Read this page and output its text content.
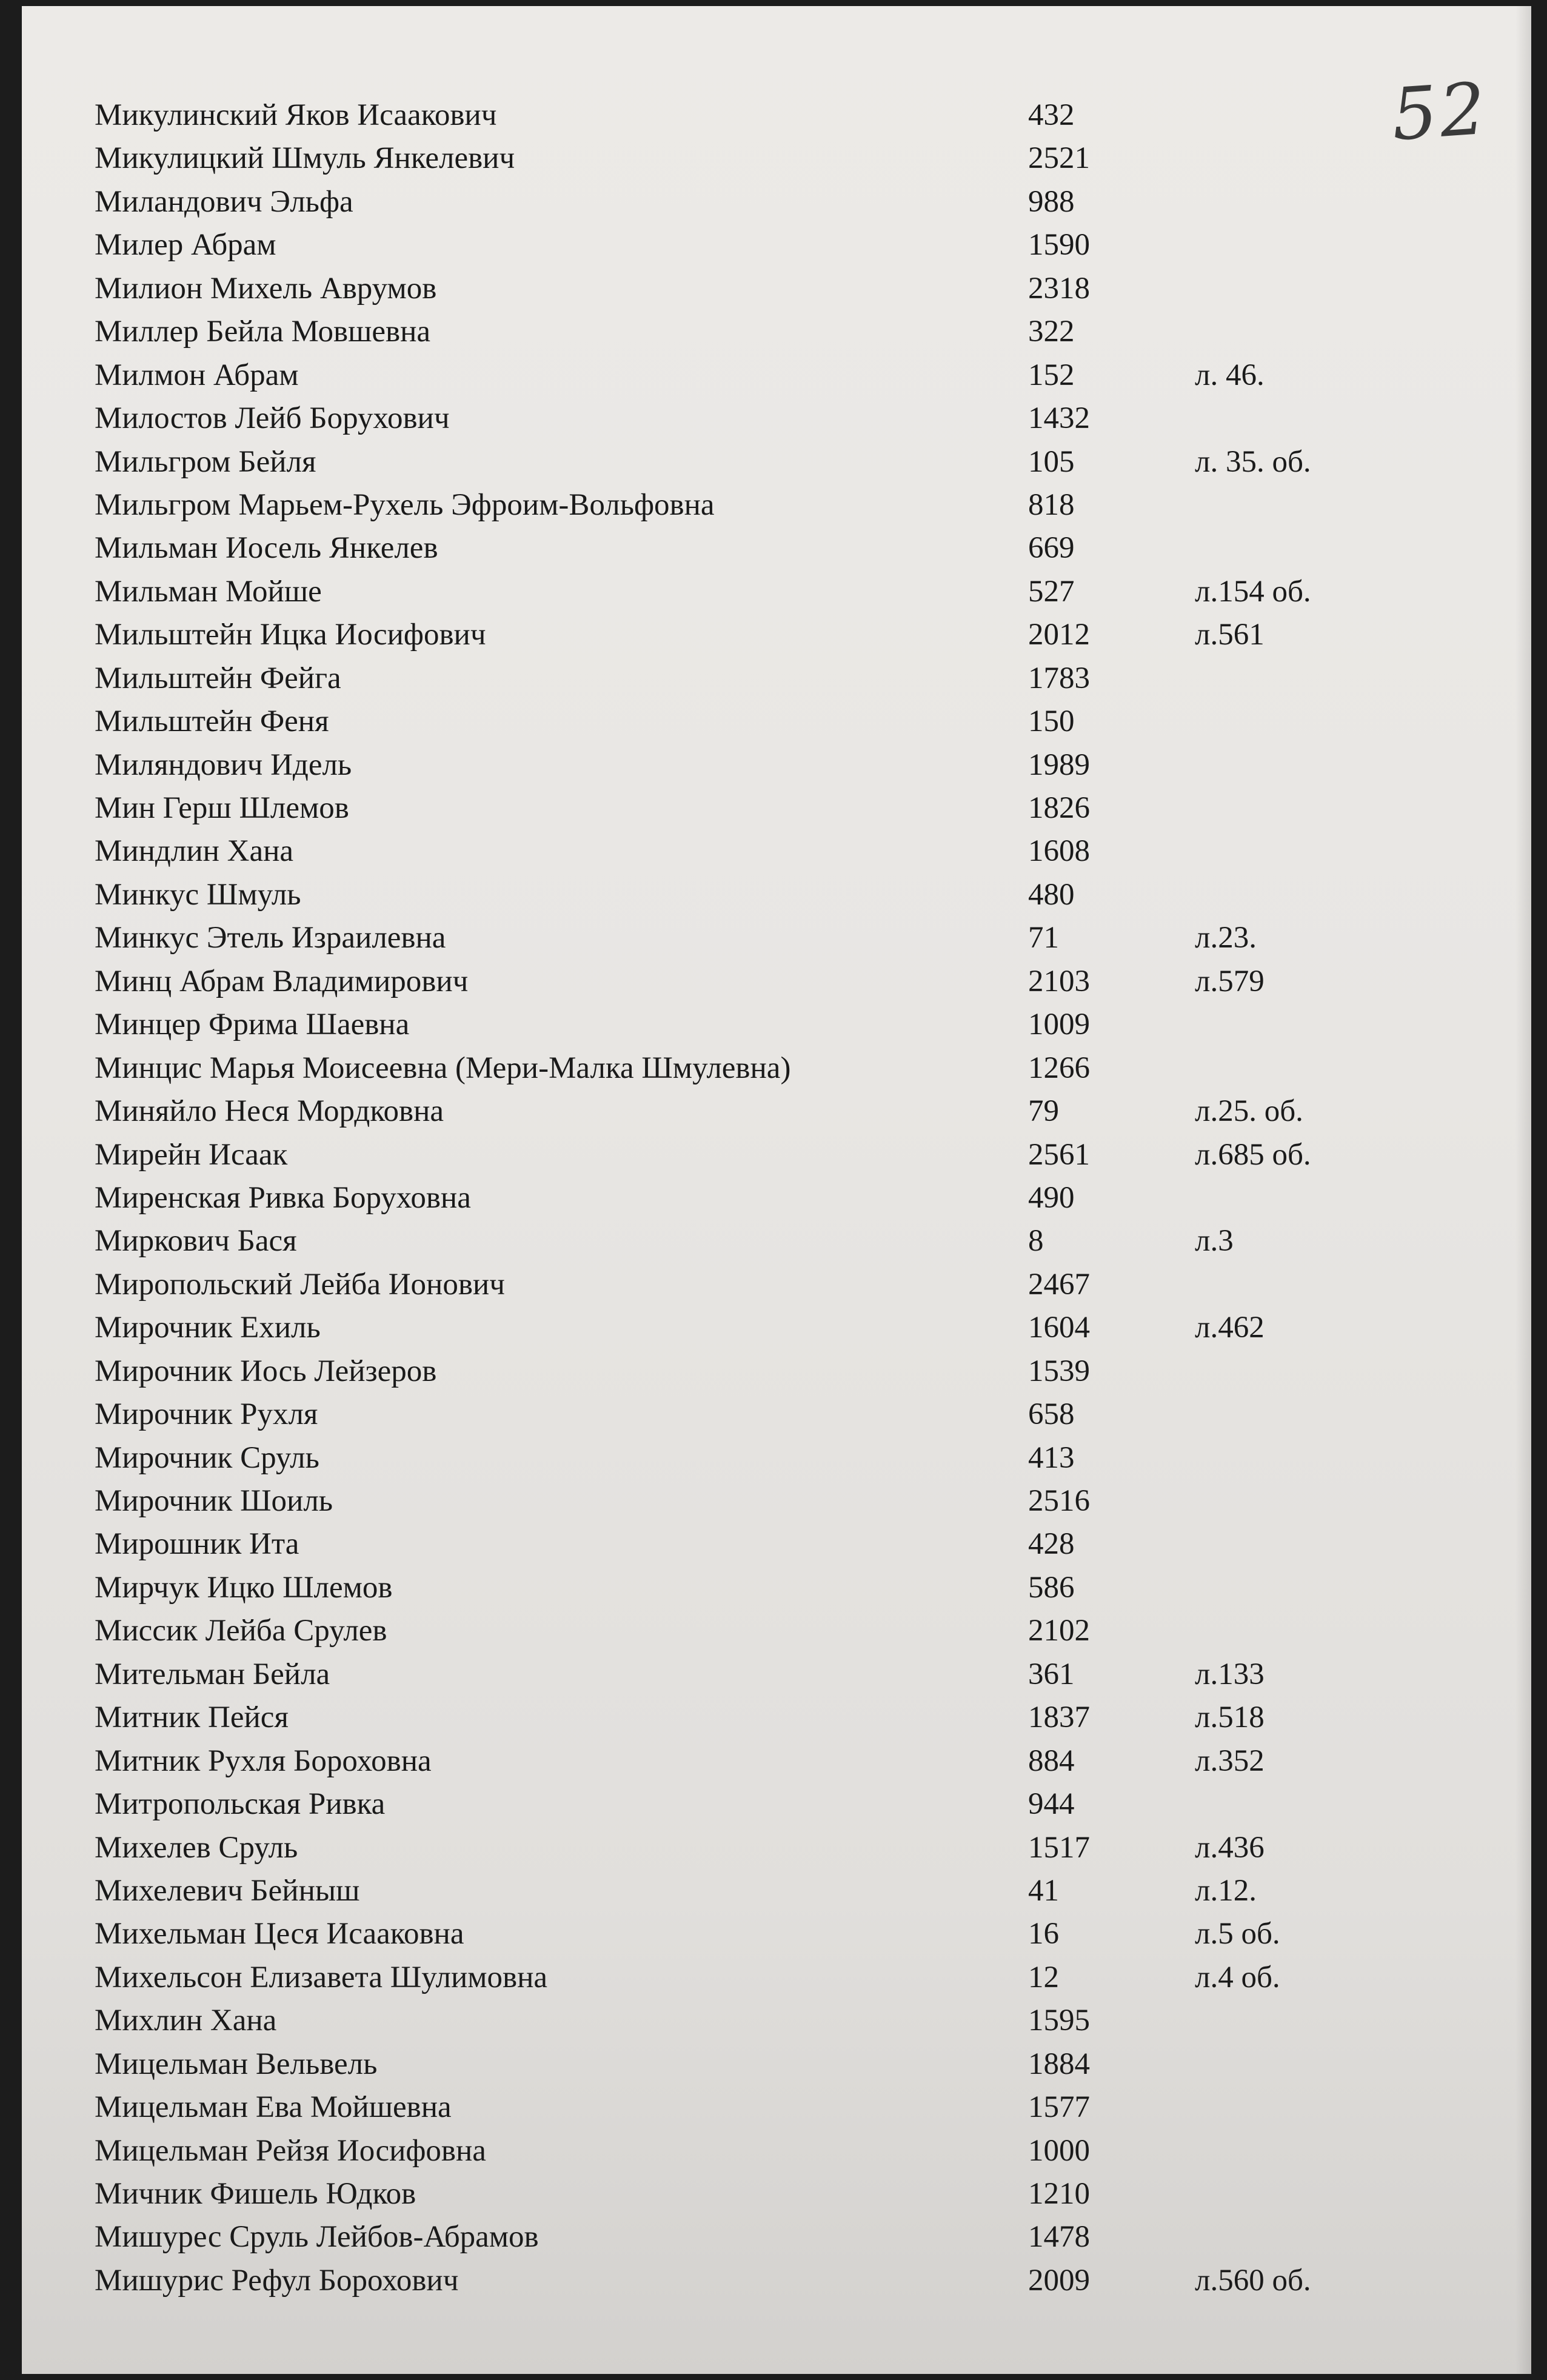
52

Микулинский Яков Исаакович	432
Микулицкий Шмуль Янкелевич	2521
Миландович Эльфа	988
Милер Абрам	1590
Милион Михель Аврумов	2318
Миллер Бейла Мовшевна	322
Милмон Абрам	152	л. 46.
Милостов Лейб Борухович	1432
Мильгром Бейля	105	л. 35. об.
Мильгром Марьем-Рухель Эфроим-Вольфовна	818
Мильман Иосель Янкелев	669
Мильман Мойше	527	л.154 об.
Мильштейн Ицка Иосифович	2012	л.561
Мильштейн Фейга	1783
Мильштейн Феня	150
Миляндович Идель	1989
Мин Герш Шлемов	1826
Миндлин Хана	1608
Минкус Шмуль	480
Минкус Этель Израилевна	71	л.23.
Минц Абрам Владимирович	2103	л.579
Минцер Фрима Шаевна	1009
Минцис Марья Моисеевна (Мери-Малка Шмулевна)	1266
Миняйло Неся Мордковна	79	л.25. об.
Мирейн Исаак	2561	л.685 об.
Миренская Ривка Боруховна	490
Миркович Бася	8	л.3
Миропольский Лейба Ионович	2467
Мирочник Ехиль	1604	л.462
Мирочник Иось Лейзеров	1539
Мирочник Рухля	658
Мирочник Сруль	413
Мирочник Шоиль	2516
Мирошник Ита	428
Мирчук Ицко Шлемов	586
Миссик Лейба Срулев	2102
Мительман Бейла	361	л.133
Митник Пейся	1837	л.518
Митник Рухля Бороховна	884	л.352
Митропольская Ривка	944
Михелев Сруль	1517	л.436
Михелевич Бейныш	41	л.12.
Михельман Цеся Исааковна	16	л.5 об.
Михельсон Елизавета Шулимовна	12	л.4 об.
Михлин Хана	1595
Мицельман Вельвель	1884
Мицельман Ева Мойшевна	1577
Мицельман Рейзя Иосифовна	1000
Мичник Фишель Юдков	1210
Мишурес Сруль Лейбов-Абрамов	1478
Мишурис Рефул Борохович	2009	л.560 об.
